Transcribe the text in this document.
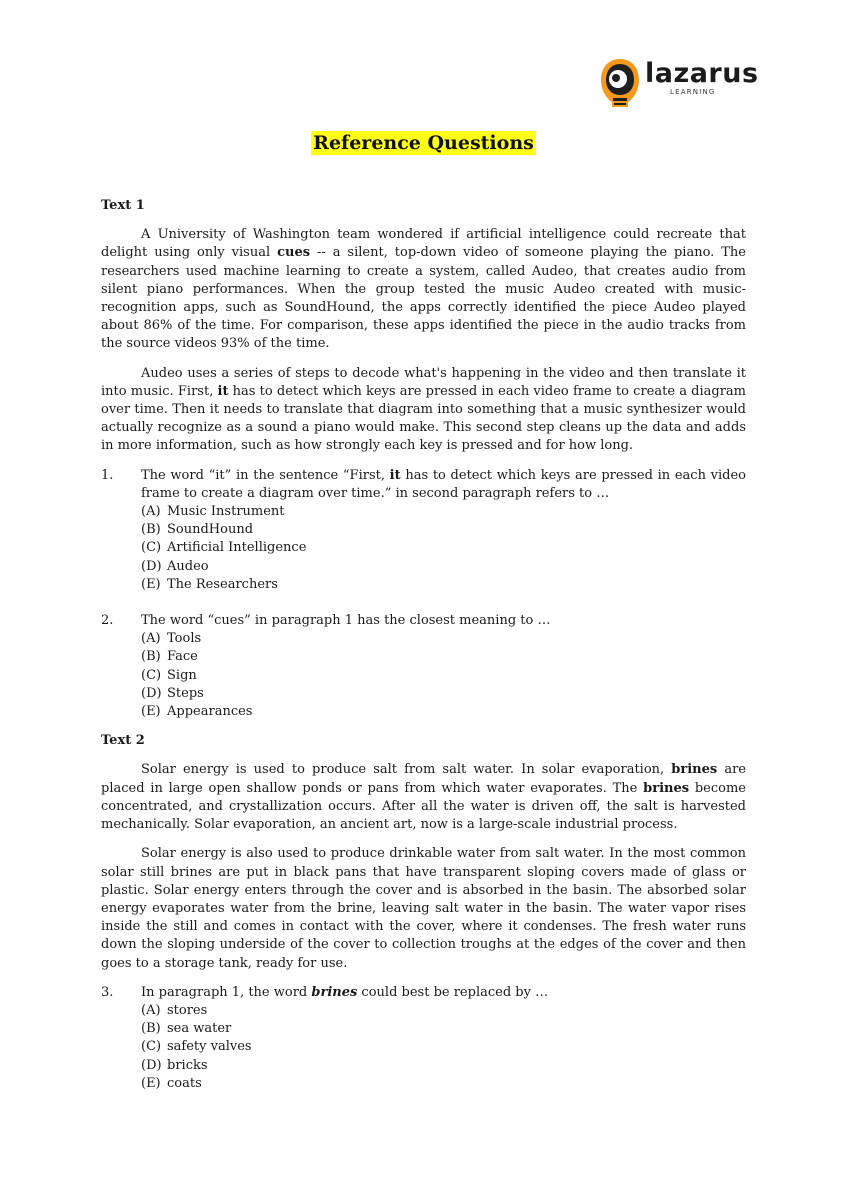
lazarus
LEARNING
Reference Questions
Text 1

A University of Washington team wondered if artificial intelligence could recreate that delight using only visual cues -- a silent, top-down video of someone playing the piano. The researchers used machine learning to create a system, called Audeo, that creates audio from silent piano performances. When the group tested the music Audeo created with music-recognition apps, such as SoundHound, the apps correctly identified the piece Audeo played about 86% of the time. For comparison, these apps identified the piece in the audio tracks from the source videos 93% of the time.

Audeo uses a series of steps to decode what's happening in the video and then translate it into music. First, it has to detect which keys are pressed in each video frame to create a diagram over time. Then it needs to translate that diagram into something that a music synthesizer would actually recognize as a sound a piano would make. This second step cleans up the data and adds in more information, such as how strongly each key is pressed and for how long.

1.	The word “it” in the sentence “First, it has to detect which keys are pressed in each video frame to create a diagram over time.” in second paragraph refers to …
(A) Music Instrument
(B) SoundHound
(C) Artificial Intelligence
(D) Audeo
(E) The Researchers
2.	The word “cues” in paragraph 1 has the closest meaning to …
(A) Tools
(B) Face
(C) Sign
(D) Steps
(E) Appearances
Text 2

Solar energy is used to produce salt from salt water. In solar evaporation, brines are placed in large open shallow ponds or pans from which water evaporates. The brines become concentrated, and crystallization occurs. After all the water is driven off, the salt is harvested mechanically. Solar evaporation, an ancient art, now is a large-scale industrial process.

Solar energy is also used to produce drinkable water from salt water. In the most common solar still brines are put in black pans that have transparent sloping covers made of glass or plastic. Solar energy enters through the cover and is absorbed in the basin. The absorbed solar energy evaporates water from the brine, leaving salt water in the basin. The water vapor rises inside the still and comes in contact with the cover, where it condenses. The fresh water runs down the sloping underside of the cover to collection troughs at the edges of the cover and then goes to a storage tank, ready for use.

3.	In paragraph 1, the word brines could best be replaced by …
(A) stores
(B) sea water
(C) safety valves
(D) bricks
(E) coats
